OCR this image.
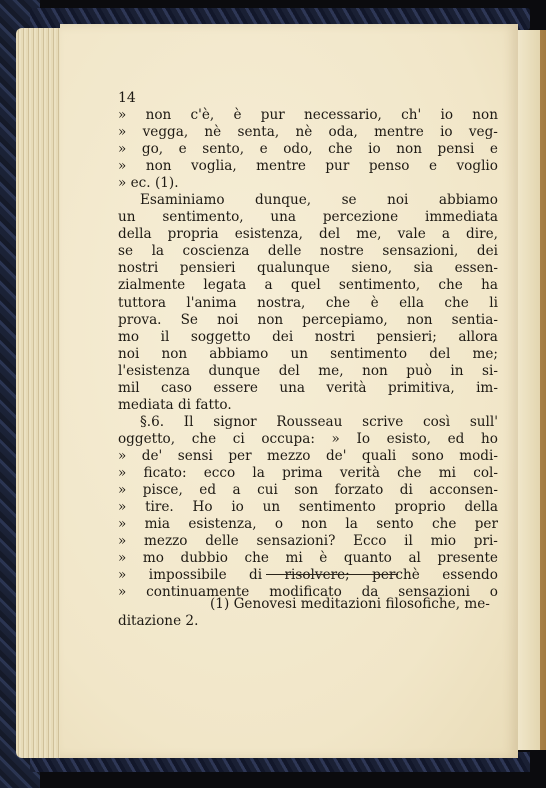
14
» non c'è, è pur necessario, ch' io non
» vegga, nè senta, nè oda, mentre io veg-
» go, e sento, e odo, che io non pensi e
» non voglia, mentre pur penso e voglio
» ec. (1).
Esaminiamo dunque, se noi abbiamo
un sentimento, una percezione immediata
della propria esistenza, del me, vale a dire,
se la coscienza delle nostre sensazioni, dei
nostri pensieri qualunque sieno, sia essen-
zialmente legata a quel sentimento, che ha
tuttora l'anima nostra, che è ella che li
prova. Se noi non percepiamo, non sentia-
mo il soggetto dei nostri pensieri; allora
noi non abbiamo un sentimento del me;
l'esistenza dunque del me, non può in si-
mil caso essere una verità primitiva, im-
mediata di fatto.
§.6. Il signor Rousseau scrive così sull'
oggetto, che ci occupa: » Io esisto, ed ho
» de' sensi per mezzo de' quali sono modi-
» ficato: ecco la prima verità che mi col-
» pisce, ed a cui son forzato di acconsen-
» tire. Ho io un sentimento proprio della
» mia esistenza, o non la sento che per
» mezzo delle sensazioni? Ecco il mio pri-
» mo dubbio che mi è quanto al presente
» impossibile di risolvere; perchè essendo
» continuamente modificato da sensazioni o
(1) Genovesi meditazioni filosofiche, me-
ditazione 2.
